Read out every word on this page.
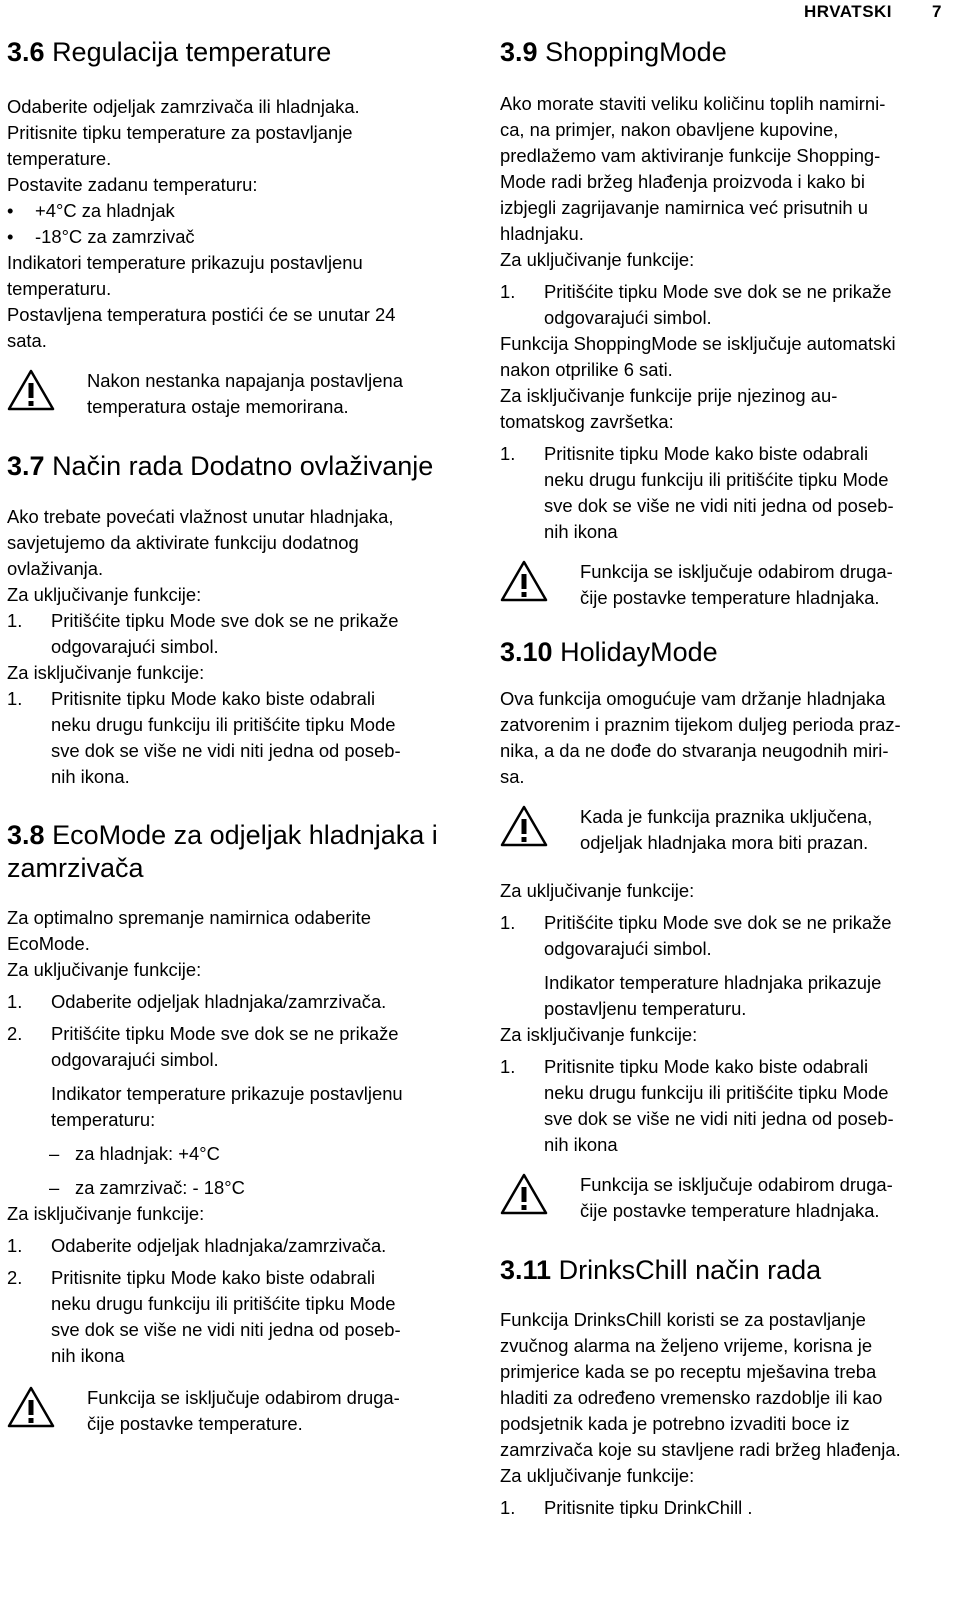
HRVATSKI 7
3.6 Regulacija temperature

Odaberite odjeljak zamrzivača ili hladnjaka.

Pritisnite tipku temperature za postavljanje

temperature.

Postavite zadanu temperaturu:

• +4°C za hladnjak

• -18°C za zamrzivač

Indikatori temperature prikazuju postavljenu

temperaturu.

Postavljena temperatura postići će se unutar 24

sata.

Nakon nestanka napajanja postavljena

temperatura ostaje memorirana.

3.7 Način rada Dodatno ovlaživanje

Ako trebate povećati vlažnost unutar hladnjaka,

savjetujemo da aktivirate funkciju dodatnog

ovlaživanja.

Za uključivanje funkcije:

1. Pritišćite tipku Mode sve dok se ne prikaže

odgovarajući simbol.

Za isključivanje funkcije:

1. Pritisnite tipku Mode kako biste odabrali

neku drugu funkciju ili pritišćite tipku Mode

sve dok se više ne vidi niti jedna od poseb-

nih ikona.

3.8 EcoMode za odjeljak hladnjaka i
zamrzivača

Za optimalno spremanje namirnica odaberite

EcoMode.

Za uključivanje funkcije:

1. Odaberite odjeljak hladnjaka/zamrzivača.

2. Pritišćite tipku Mode sve dok se ne prikaže

odgovarajući simbol.

Indikator temperature prikazuje postavljenu

temperaturu:

– za hladnjak: +4°C

– za zamrzivač: - 18°C

Za isključivanje funkcije:

1. Odaberite odjeljak hladnjaka/zamrzivača.

2. Pritisnite tipku Mode kako biste odabrali

neku drugu funkciju ili pritišćite tipku Mode

sve dok se više ne vidi niti jedna od poseb-

nih ikona

Funkcija se isključuje odabirom druga-

čije postavke temperature.

3.9 ShoppingMode

Ako morate staviti veliku količinu toplih namirni-

ca, na primjer, nakon obavljene kupovine,

predlažemo vam aktiviranje funkcije Shopping-

Mode radi bržeg hlađenja proizvoda i kako bi

izbjegli zagrijavanje namirnica već prisutnih u

hladnjaku.

Za uključivanje funkcije:

1. Pritišćite tipku Mode sve dok se ne prikaže

odgovarajući simbol.

Funkcija ShoppingMode se isključuje automatski

nakon otprilike 6 sati.

Za isključivanje funkcije prije njezinog au-

tomatskog završetka:

1. Pritisnite tipku Mode kako biste odabrali

neku drugu funkciju ili pritišćite tipku Mode

sve dok se više ne vidi niti jedna od poseb-

nih ikona

Funkcija se isključuje odabirom druga-

čije postavke temperature hladnjaka.

3.10 HolidayMode

Ova funkcija omogućuje vam držanje hladnjaka

zatvorenim i praznim tijekom duljeg perioda praz-

nika, a da ne dođe do stvaranja neugodnih miri-

sa.

Kada je funkcija praznika uključena,

odjeljak hladnjaka mora biti prazan.

Za uključivanje funkcije:

1. Pritišćite tipku Mode sve dok se ne prikaže

odgovarajući simbol.

Indikator temperature hladnjaka prikazuje

postavljenu temperaturu.

Za isključivanje funkcije:

1. Pritisnite tipku Mode kako biste odabrali

neku drugu funkciju ili pritišćite tipku Mode

sve dok se više ne vidi niti jedna od poseb-

nih ikona

Funkcija se isključuje odabirom druga-

čije postavke temperature hladnjaka.

3.11 DrinksChill način rada

Funkcija DrinksChill koristi se za postavljanje

zvučnog alarma na željeno vrijeme, korisna je

primjerice kada se po receptu mješavina treba

hladiti za određeno vremensko razdoblje ili kao

podsjetnik kada je potrebno izvaditi boce iz

zamrzivača koje su stavljene radi bržeg hlađenja.

Za uključivanje funkcije:

1. Pritisnite tipku DrinkChill .
